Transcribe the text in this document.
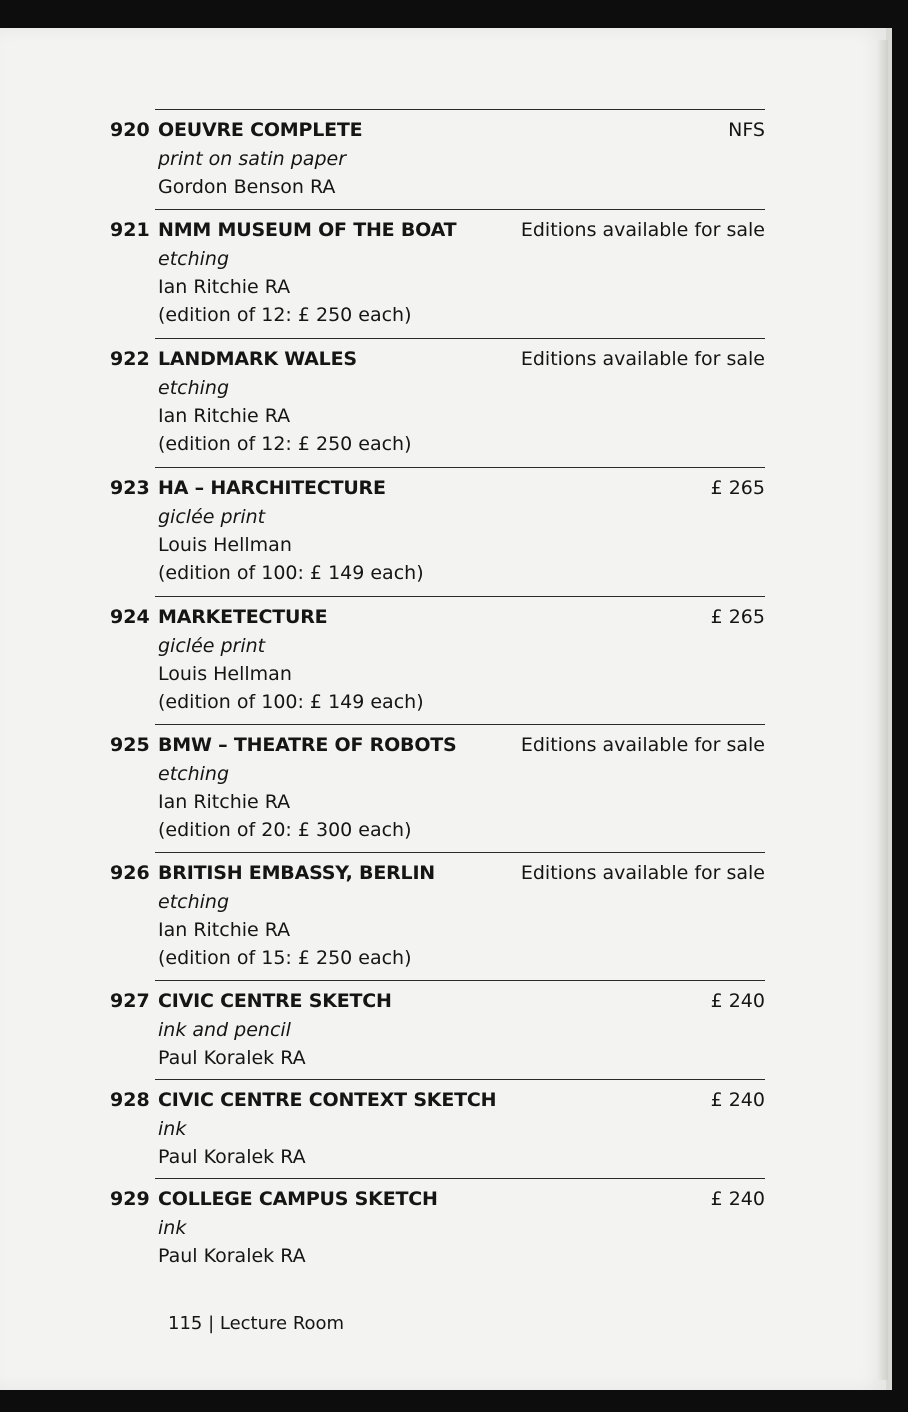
920 OEUVRE COMPLETE	NFS
print on satin paper
Gordon Benson RA
921 NMM MUSEUM OF THE BOAT	Editions available for sale
etching
Ian Ritchie RA
(edition of 12: £ 250 each)
922 LANDMARK WALES	Editions available for sale
etching
Ian Ritchie RA
(edition of 12: £ 250 each)
923 HA – HARCHITECTURE	£ 265
giclée print
Louis Hellman
(edition of 100: £ 149 each)
924 MARKETECTURE	£ 265
giclée print
Louis Hellman
(edition of 100: £ 149 each)
925 BMW – THEATRE OF ROBOTS	Editions available for sale
etching
Ian Ritchie RA
(edition of 20: £ 300 each)
926 BRITISH EMBASSY, BERLIN	Editions available for sale
etching
Ian Ritchie RA
(edition of 15: £ 250 each)
927 CIVIC CENTRE SKETCH	£ 240
ink and pencil
Paul Koralek RA
928 CIVIC CENTRE CONTEXT SKETCH	£ 240
ink
Paul Koralek RA
929 COLLEGE CAMPUS SKETCH	£ 240
ink
Paul Koralek RA
115 | Lecture Room
